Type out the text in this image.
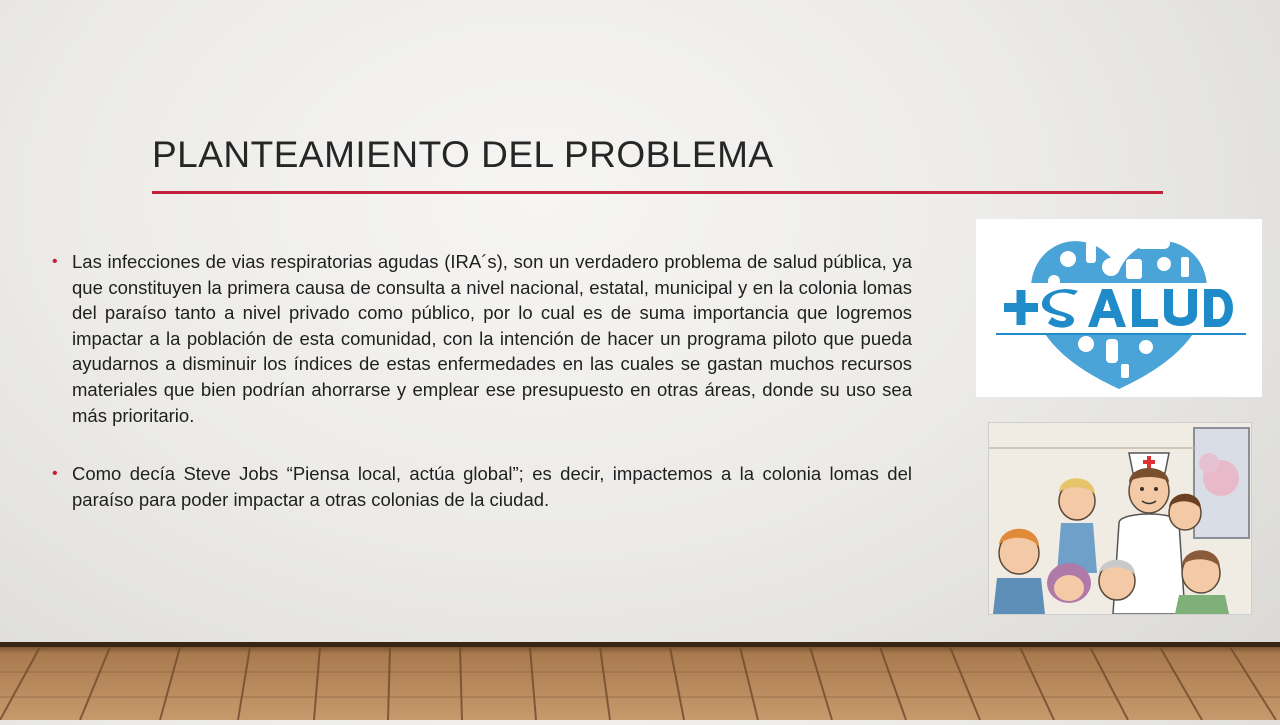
PLANTEAMIENTO DEL PROBLEMA
• Las infecciones de vias respiratorias agudas (IRA´s), son un verdadero problema de salud pública, ya que constituyen la primera causa de consulta a nivel nacional, estatal, municipal y en la colonia lomas del paraíso tanto a nivel privado como público, por lo cual es de suma importancia que logremos impactar a la población de esta comunidad, con la intención de hacer un programa piloto que pueda ayudarnos a disminuir los índices de estas enfermedades en las cuales se gastan muchos recursos materiales que bien podrían ahorrarse y emplear ese presupuesto en otras áreas, donde su uso sea más prioritario.
• Como decía Steve Jobs “Piensa local, actúa global”; es decir, impactemos a la colonia lomas del paraíso para poder impactar a otras colonias de la ciudad.
